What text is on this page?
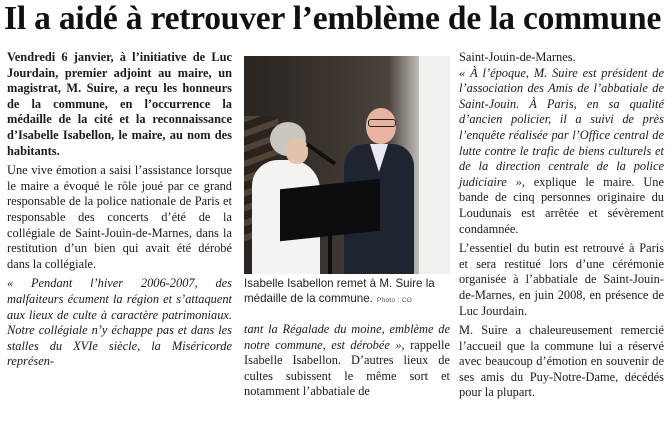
Il a aidé à retrouver l’emblème de la commune

Vendredi 6 janvier, à l’initiative de Luc Jourdain, premier adjoint au maire, un magistrat, M. Suire, a reçu les honneurs de la commune, en l’occurrence la médaille de la cité et la reconnaissance d’Isabelle Isabellon, le maire, au nom des habitants.

Une vive émotion a saisi l’assistance lorsque le maire a évoqué le rôle joué par ce grand responsable de la police nationale de Paris et responsable des concerts d’été de la collégiale de Saint-Jouin-de-Marnes, dans la restitution d’un bien qui avait été dérobé dans la collégiale.

« Pendant l’hiver 2006-2007, des malfaiteurs écument la région et s’attaquent aux lieux de culte à caractère patrimoniaux. Notre collégiale n’y échappe pas et dans les stalles du XVIe siècle, la Miséricorde représen-

Isabelle Isabellon remet à M. Suire la médaille de la commune. Photo : CO

tant la Régalade du moine, emblème de notre commune, est dérobée », rappelle Isabelle Isabellon. D’autres lieux de cultes subissent le même sort et notamment l’abbatiale de

Saint-Jouin-de-Marnes.

« À l’époque, M. Suire est président de l’association des Amis de l’abbatiale de Saint-Jouin. À Paris, en sa qualité d’ancien policier, il a suivi de près l’enquête réalisée par l’Office central de lutte contre le trafic de biens culturels et de la direction centrale de la police judiciaire », explique le maire. Une bande de cinq personnes originaire du Loudunais est arrêtée et sévèrement condamnée.

L’essentiel du butin est retrouvé à Paris et sera restitué lors d’une cérémonie organisée à l’abbatiale de Saint-Jouin-de-Marnes, en juin 2008, en présence de Luc Jourdain.

M. Suire a chaleureusement remercié l’accueil que la commune lui a réservé avec beaucoup d’émotion en souvenir de ses amis du Puy-Notre-Dame, décédés pour la plupart.
